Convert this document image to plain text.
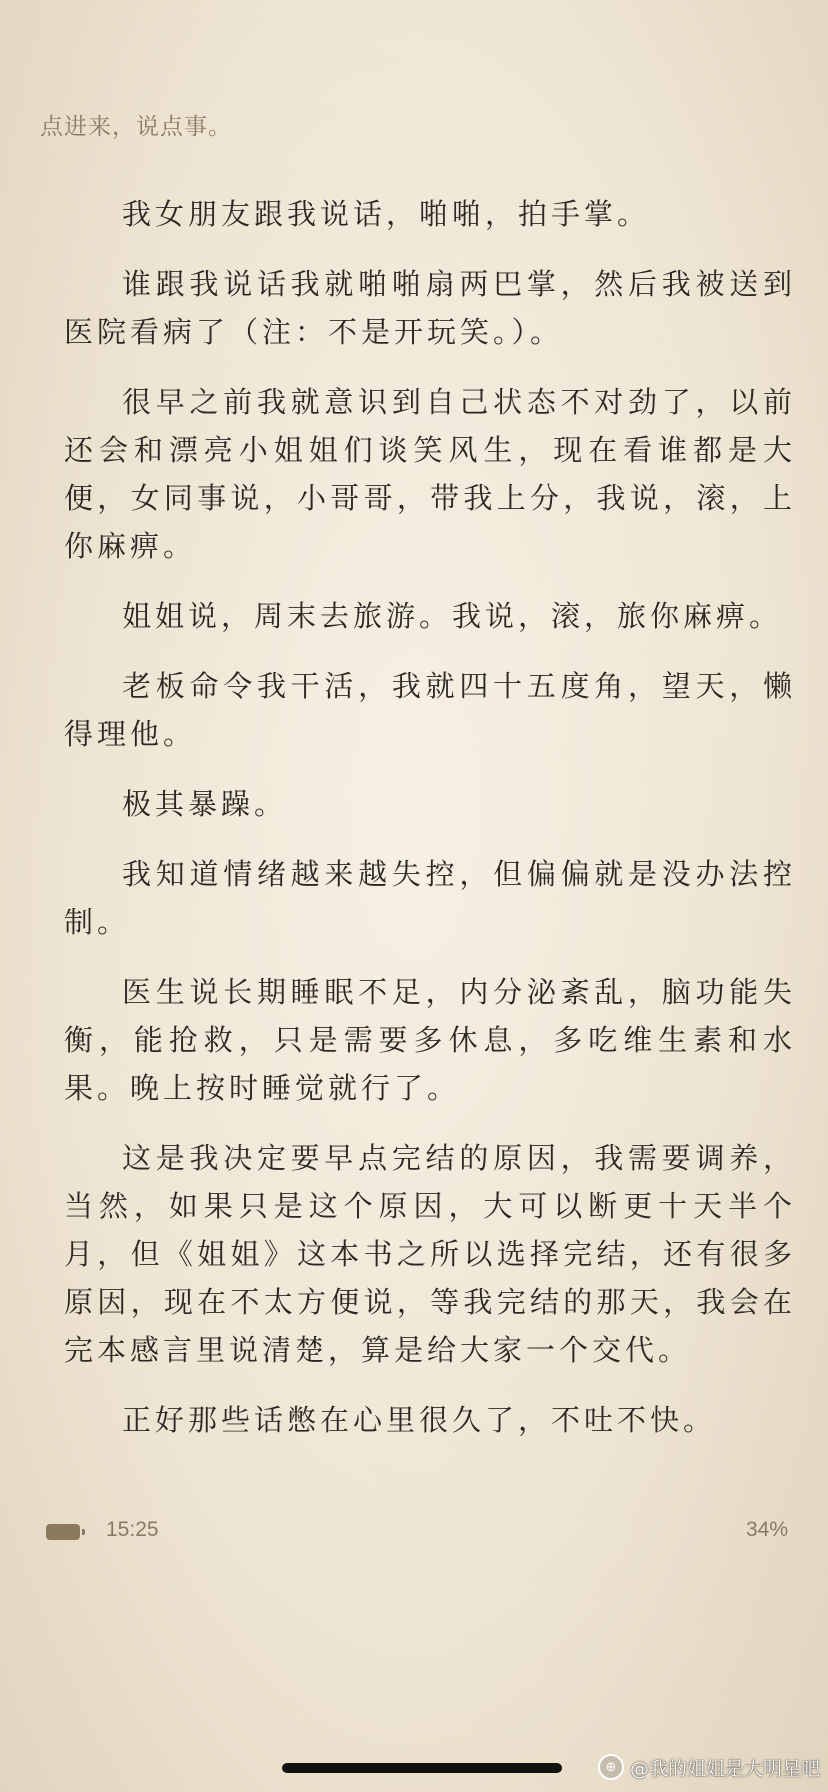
点进来，说点事。

我女朋友跟我说话，啪啪，拍手掌。

谁跟我说话我就啪啪扇两巴掌，然后我被送到医院看病了（注：不是开玩笑。）。

很早之前我就意识到自己状态不对劲了，以前还会和漂亮小姐姐们谈笑风生，现在看谁都是大便，女同事说，小哥哥，带我上分，我说，滚，上你麻痹。

姐姐说，周末去旅游。我说，滚，旅你麻痹。

老板命令我干活，我就四十五度角，望天，懒得理他。

极其暴躁。

我知道情绪越来越失控，但偏偏就是没办法控制。

医生说长期睡眠不足，内分泌紊乱，脑功能失衡，能抢救，只是需要多休息，多吃维生素和水果。晚上按时睡觉就行了。

这是我决定要早点完结的原因，我需要调养，当然，如果只是这个原因，大可以断更十天半个月，但《姐姐》这本书之所以选择完结，还有很多原因，现在不太方便说，等我完结的那天，我会在完本感言里说清楚，算是给大家一个交代。

正好那些话憋在心里很久了，不吐不快。

15:25	34%
⊕ @我的姐姐是大明星吧
